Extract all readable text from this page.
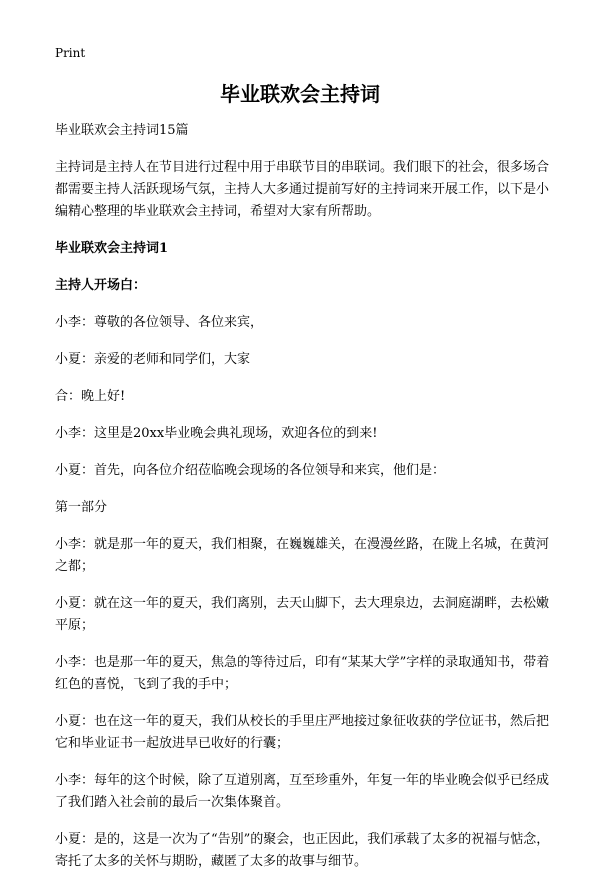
Print
毕业联欢会主持词

毕业联欢会主持词15篇

主持词是主持人在节目进行过程中用于串联节目的串联词。我们眼下的社会，很多场合都需要主持人活跃现场气氛，主持人大多通过提前写好的主持词来开展工作，以下是小编精心整理的毕业联欢会主持词，希望对大家有所帮助。

毕业联欢会主持词1

主持人开场白：

小李：尊敬的各位领导、各位来宾，

小夏：亲爱的老师和同学们，大家

合：晚上好!

小李：这里是20xx毕业晚会典礼现场，欢迎各位的到来!

小夏：首先，向各位介绍莅临晚会现场的各位领导和来宾，他们是：

第一部分

小李：就是那一年的夏天，我们相聚，在巍巍雄关，在漫漫丝路，在陇上名城，在黄河之都；

小夏：就在这一年的夏天，我们离别，去天山脚下，去大理泉边，去洞庭湖畔，去松嫩平原；

小李：也是那一年的夏天，焦急的等待过后，印有“某某大学”字样的录取通知书，带着红色的喜悦，飞到了我的手中；

小夏：也在这一年的夏天，我们从校长的手里庄严地接过象征收获的学位证书，然后把它和毕业证书一起放进早已收好的行囊；

小李：每年的这个时候，除了互道别离，互至珍重外，年复一年的毕业晚会似乎已经成了我们踏入社会前的最后一次集体聚首。

小夏：是的，这是一次为了“告别”的聚会，也正因此，我们承载了太多的祝福与惦念，寄托了太多的关怀与期盼，藏匿了太多的故事与细节。
